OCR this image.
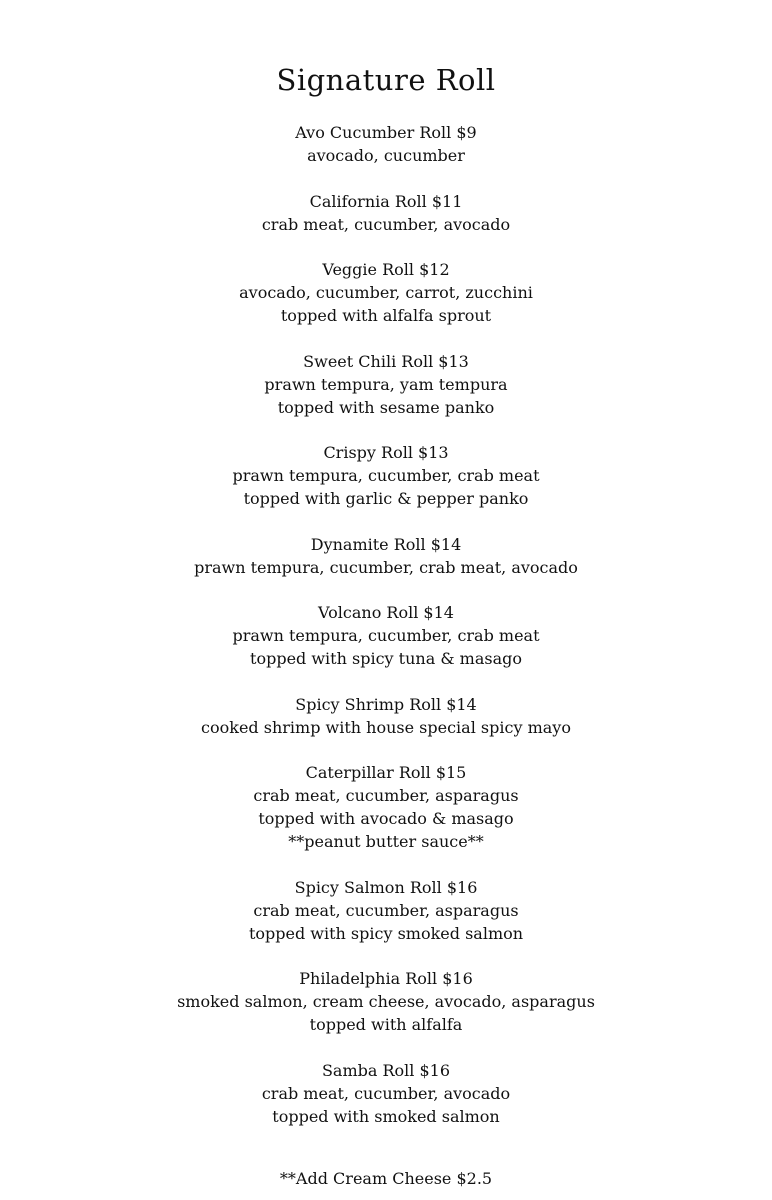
Signature Roll
Avo Cucumber Roll $9
avocado, cucumber
California Roll $11
crab meat, cucumber, avocado
Veggie Roll $12
avocado, cucumber, carrot, zucchini
topped with alfalfa sprout
Sweet Chili Roll $13
prawn tempura, yam tempura
topped with sesame panko
Crispy Roll $13
prawn tempura, cucumber, crab meat
topped with garlic & pepper panko
Dynamite Roll $14
prawn tempura, cucumber, crab meat, avocado
Volcano Roll $14
prawn tempura, cucumber, crab meat
topped with spicy tuna & masago
Spicy Shrimp Roll $14
cooked shrimp with house special spicy mayo
Caterpillar Roll $15
crab meat, cucumber, asparagus
topped with avocado & masago
**peanut butter sauce**
Spicy Salmon Roll $16
crab meat, cucumber, asparagus
topped with spicy smoked salmon
Philadelphia Roll $16
smoked salmon, cream cheese, avocado, asparagus
topped with alfalfa
Samba Roll $16
crab meat, cucumber, avocado
topped with smoked salmon
**Add Cream Cheese $2.5
